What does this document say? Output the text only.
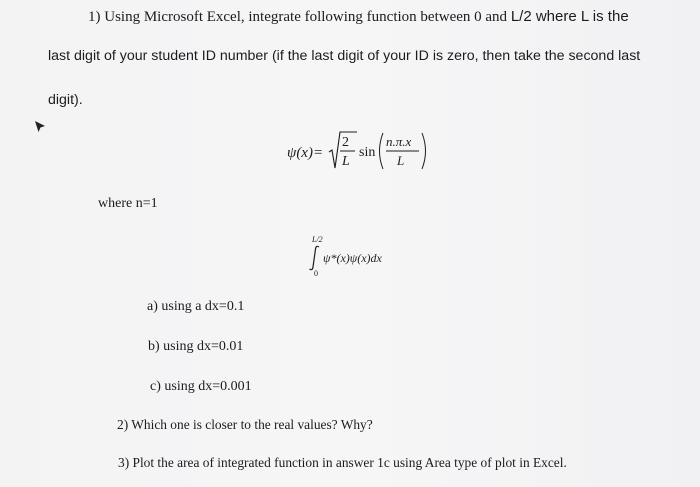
1) Using Microsoft Excel, integrate following function between 0 and L/2 where L is the
last digit of your student ID number (if the last digit of your ID is zero, then take the second last
digit).
ψ(x)=
2
L
sin
n.π.x
L
where n=1
L/2
0
ψ*(x)ψ(x)dx
a) using a dx=0.1
b) using dx=0.01
c) using dx=0.001
2) Which one is closer to the real values? Why?
3) Plot the area of integrated function in answer 1c using Area type of plot in Excel.
